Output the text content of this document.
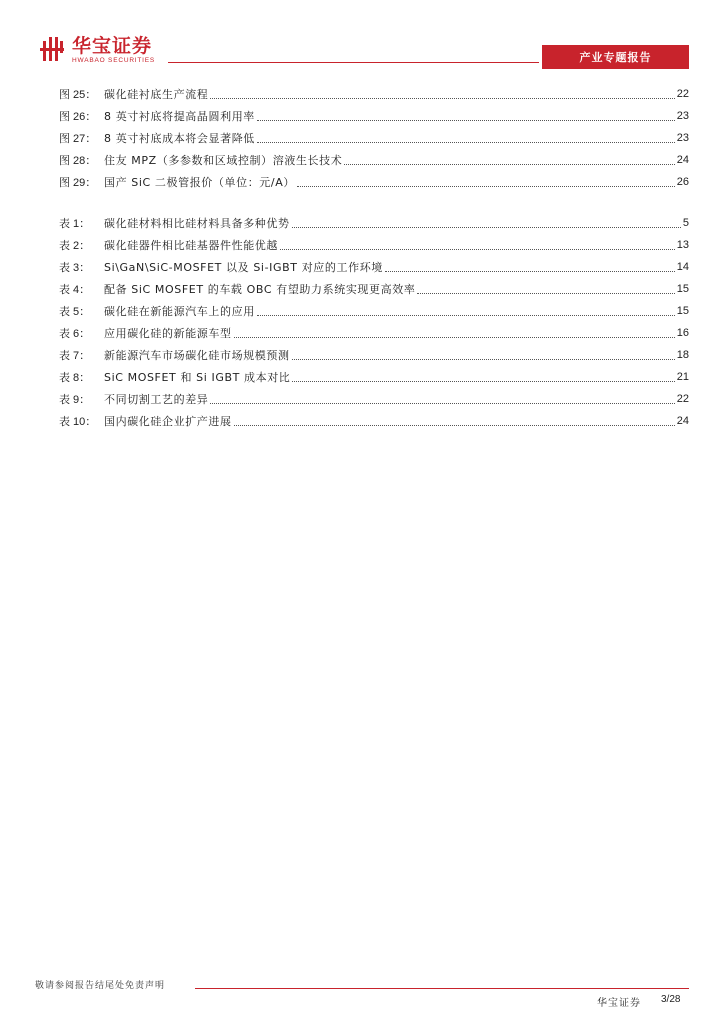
华宝证券
HWABAO SECURITIES	产业专题报告
图 25： 碳化硅衬底生产流程	22
图 26： 8 英寸衬底将提高晶圆利用率	23
图 27： 8 英寸衬底成本将会显著降低	23
图 28： 住友 MPZ（多参数和区域控制）溶液生长技术	24
图 29： 国产 SiC 二极管报价（单位：元/A）	26
表 1： 碳化硅材料相比硅材料具备多种优势	5
表 2： 碳化硅器件相比硅基器件性能优越	13
表 3： Si\GaN\SiC-MOSFET 以及 Si-IGBT 对应的工作环境	14
表 4： 配备 SiC MOSFET 的车载 OBC 有望助力系统实现更高效率	15
表 5： 碳化硅在新能源汽车上的应用	15
表 6： 应用碳化硅的新能源车型	16
表 7： 新能源汽车市场碳化硅市场规模预测	18
表 8： SiC MOSFET 和 Si IGBT 成本对比	21
表 9： 不同切割工艺的差异	22
表 10： 国内碳化硅企业扩产进展	24
敬请参阅报告结尾处免责声明
华宝证券 3/28
